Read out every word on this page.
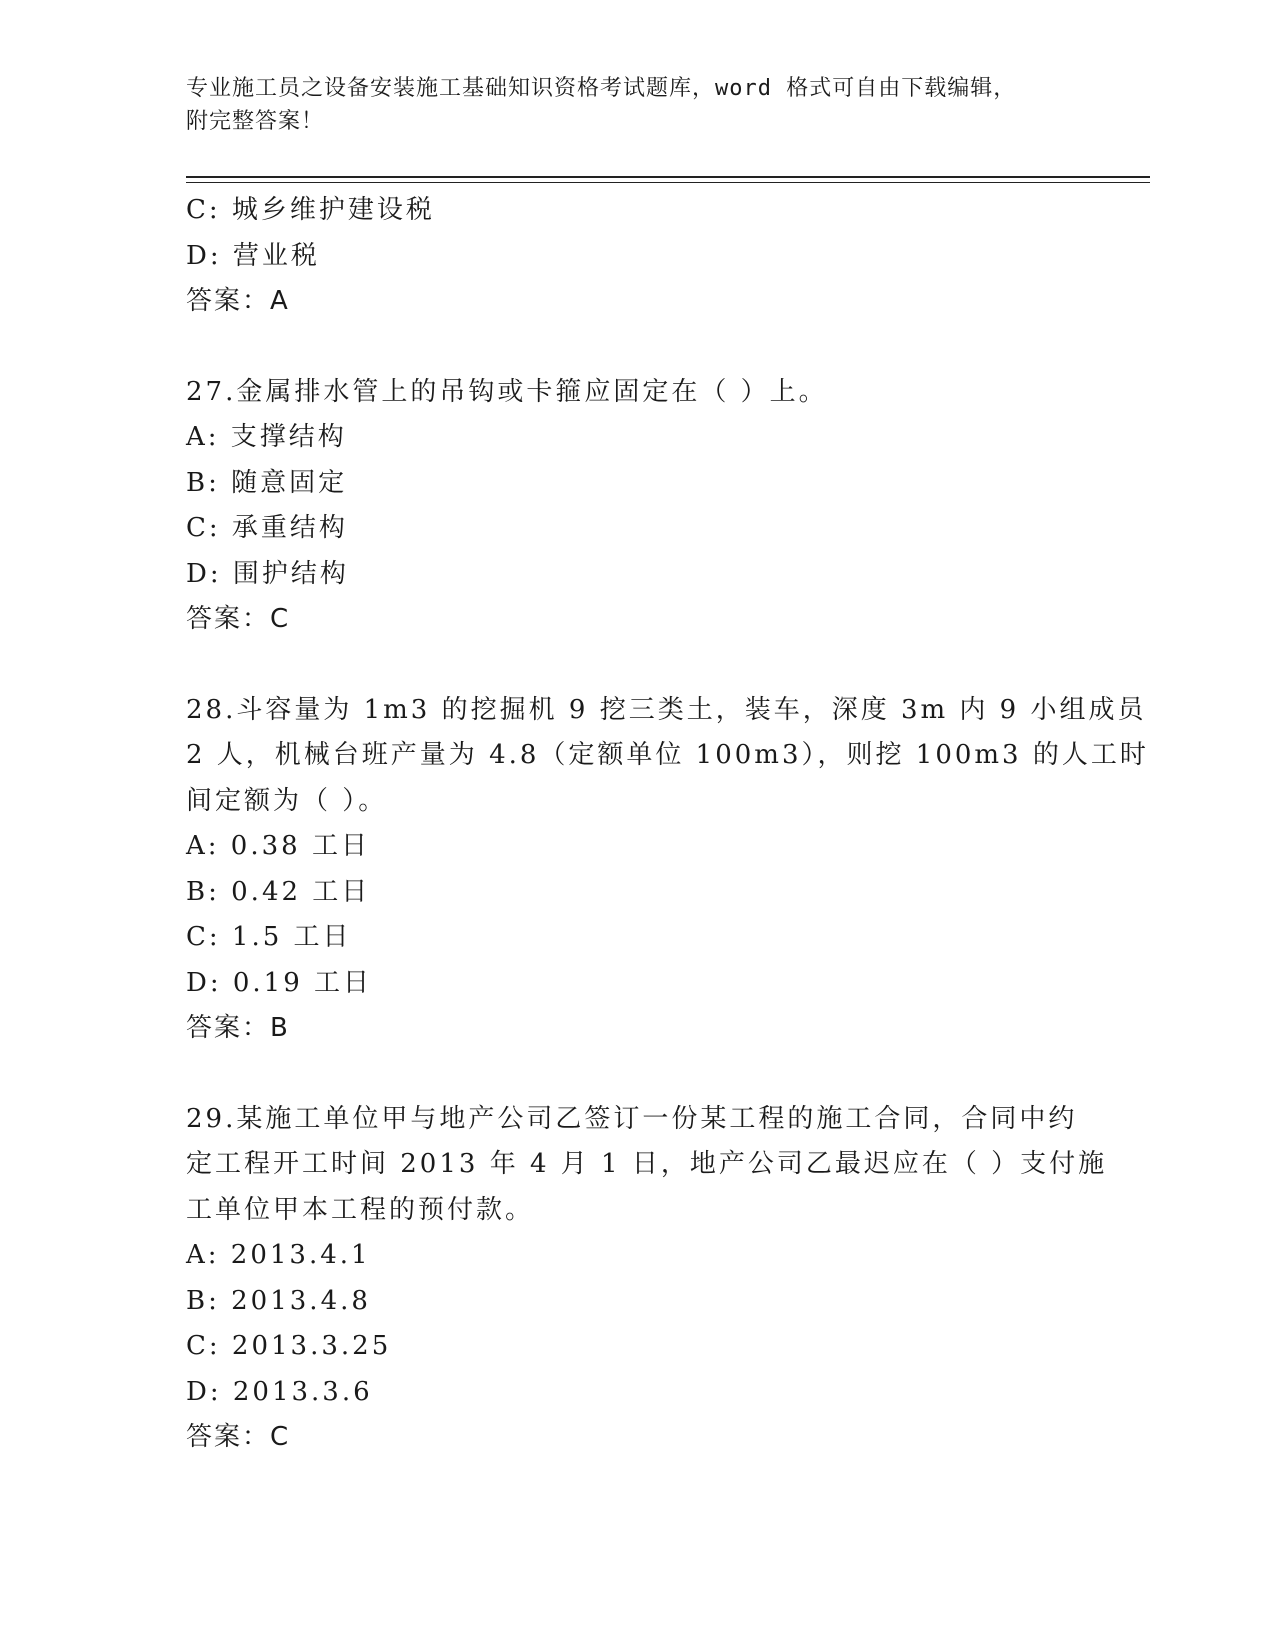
专业施工员之设备安装施工基础知识资格考试题库，word 格式可自由下载编辑，
附完整答案！
C: 城乡维护建设税
D: 营业税
答案：A
27.金属排水管上的吊钩或卡箍应固定在（ ）上。
A: 支撑结构
B: 随意固定
C: 承重结构
D: 围护结构
答案：C
28.斗容量为 1m3 的挖掘机 9 挖三类土，装车，深度 3m 内 9 小组成员
2 人，机械台班产量为 4.8（定额单位 100m3），则挖 100m3 的人工时
间定额为（ ）。
A: 0.38 工日
B: 0.42 工日
C: 1.5 工日
D: 0.19 工日
答案：B
29.某施工单位甲与地产公司乙签订一份某工程的施工合同，合同中约
定工程开工时间 2013 年 4 月 1 日，地产公司乙最迟应在（ ）支付施
工单位甲本工程的预付款。
A: 2013.4.1
B: 2013.4.8
C: 2013.3.25
D: 2013.3.6
答案：C
